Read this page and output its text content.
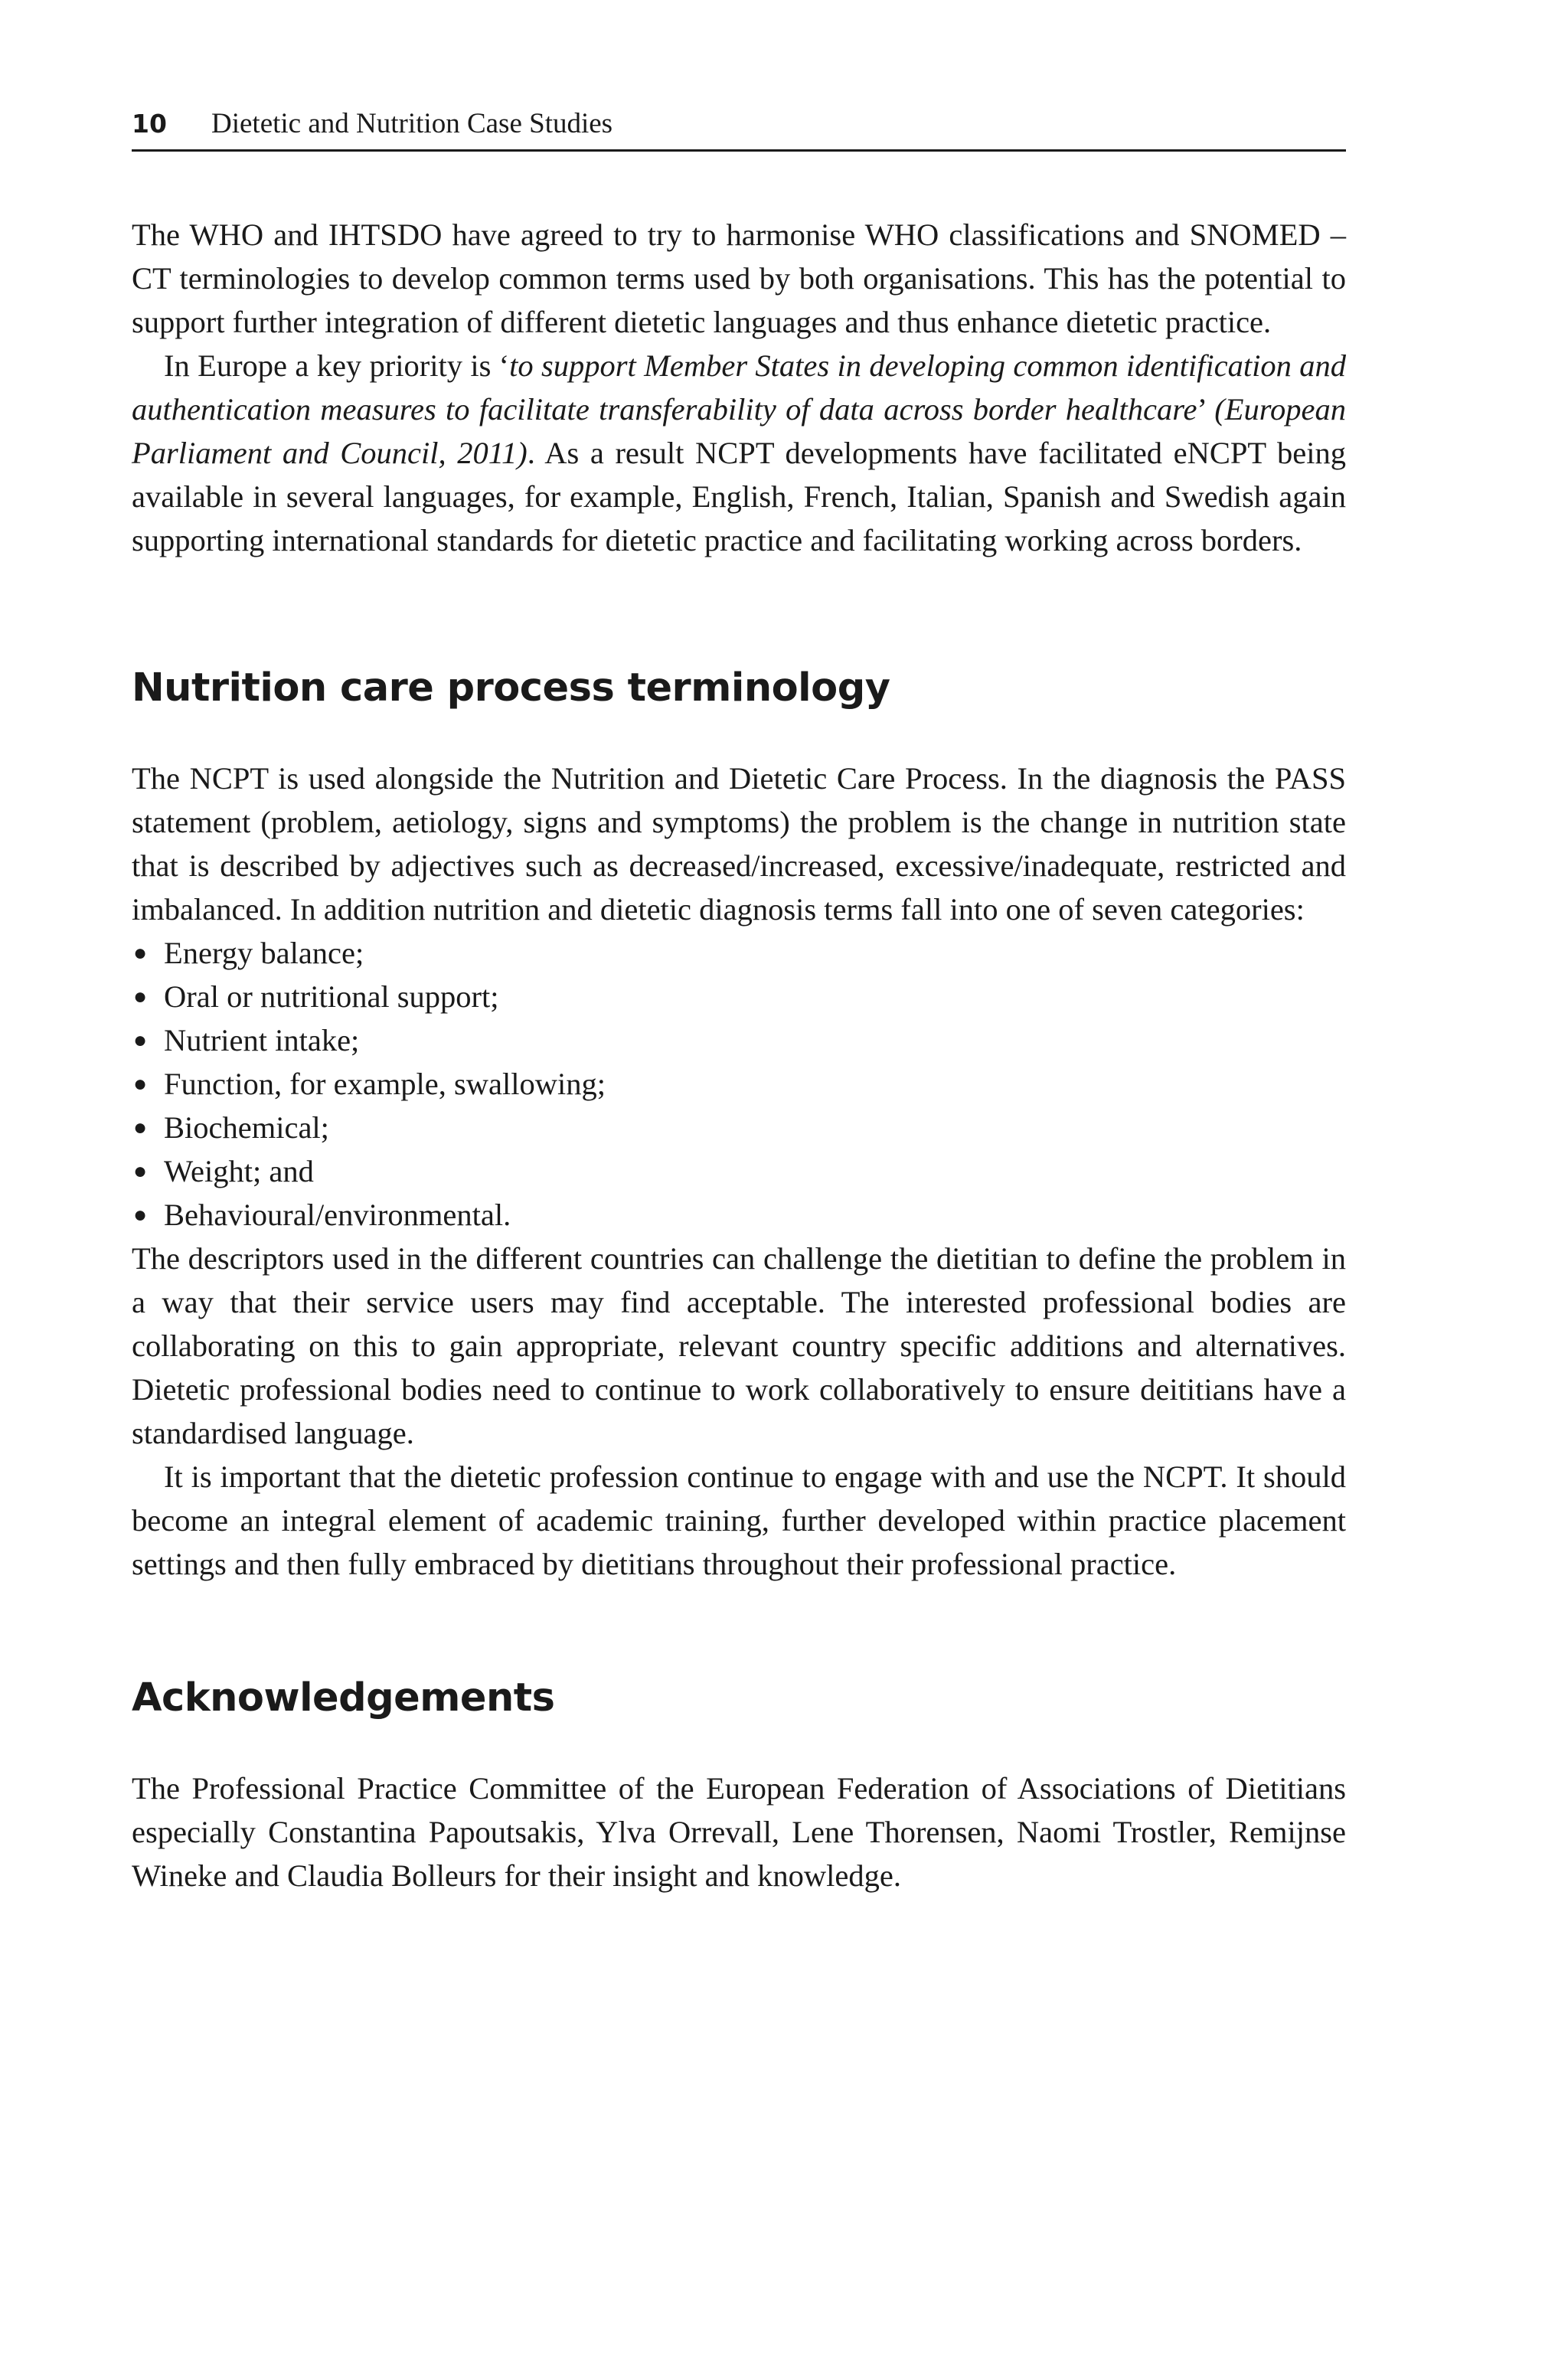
10	Dietetic and Nutrition Case Studies

The WHO and IHTSDO have agreed to try to harmonise WHO classifications and SNOMED – CT terminologies to develop common terms used by both organisations. This has the potential to support further integration of different dietetic languages and thus enhance dietetic practice.

In Europe a key priority is ‘to support Member States in developing common identification and authentication measures to facilitate transferability of data across border healthcare’ (European Parliament and Council, 2011). As a result NCPT developments have facilitated eNCPT being available in several languages, for example, English, French, Italian, Spanish and Swedish again supporting international standards for dietetic practice and facilitating working across borders.

Nutrition care process terminology

The NCPT is used alongside the Nutrition and Dietetic Care Process. In the diagnosis the PASS statement (problem, aetiology, signs and symptoms) the problem is the change in nutrition state that is described by adjectives such as decreased/increased, excessive/inadequate, restricted and imbalanced. In addition nutrition and dietetic diagnosis terms fall into one of seven categories:

● Energy balance;
● Oral or nutritional support;
● Nutrient intake;
● Function, for example, swallowing;
● Biochemical;
● Weight; and
● Behavioural/environmental.

The descriptors used in the different countries can challenge the dietitian to define the problem in a way that their service users may find acceptable. The interested professional bodies are collaborating on this to gain appropriate, relevant country specific additions and alternatives. Dietetic professional bodies need to continue to work collaboratively to ensure deititians have a standardised language.

It is important that the dietetic profession continue to engage with and use the NCPT. It should become an integral element of academic training, further developed within practice placement settings and then fully embraced by dietitians throughout their professional practice.

Acknowledgements

The Professional Practice Committee of the European Federation of Associations of Dietitians especially Constantina Papoutsakis, Ylva Orrevall, Lene Thorensen, Naomi Trostler, Remijnse Wineke and Claudia Bolleurs for their insight and knowledge.
